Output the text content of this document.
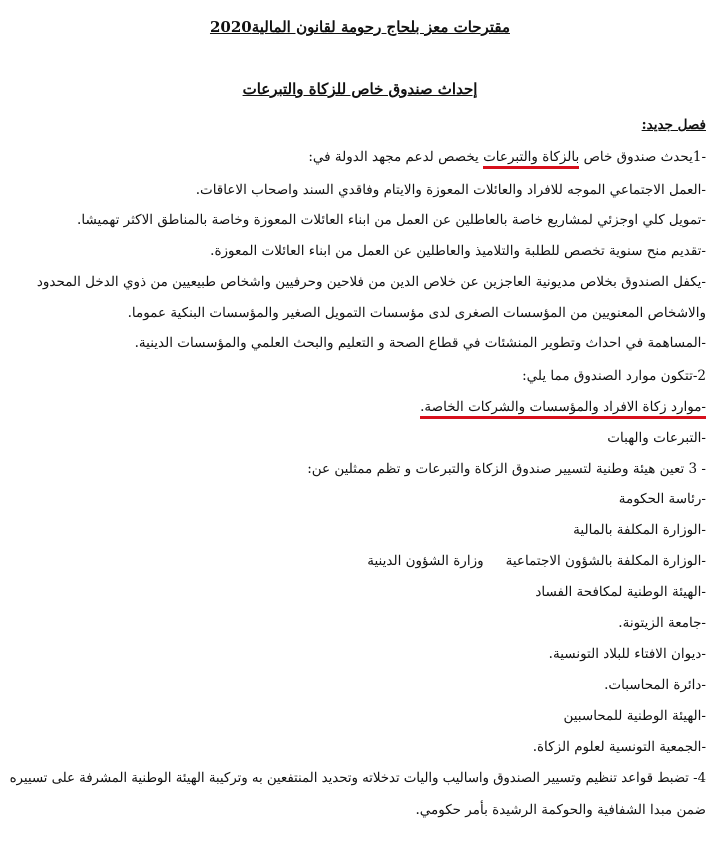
مقترحات معز بلحاج رحومة لقانون المالية2020
إحداث صندوق خاص للزكاة والتبرعات
فصل جديد:
-1يحدث صندوق خاص بالزكاة والتبرعات يخصص لدعم مجهد الدولة في:
-العمل الاجتماعي الموجه للافراد والعائلات المعوزة والايتام وفاقدي السند واصحاب الاعاقات.
-تمويل كلي اوجزئي لمشاريع خاصة بالعاطلين عن العمل من ابناء العائلات المعوزة وخاصة بالمناطق الاكثر تهميشا.
-تقديم منح سنوية تخصص للطلبة والتلاميذ والعاطلين عن العمل من ابناء العائلات المعوزة.
-يكفل الصندوق بخلاص مديونية العاجزين عن خلاص الدين من فلاحين وحرفيين واشخاص طبيعيين من ذوي الدخل المحدود
والاشخاص المعنويين من المؤسسات الصغرى لدى مؤسسات التمويل الصغير والمؤسسات البنكية عموما.
-المساهمة في احداث وتطوير المنشئات في قطاع الصحة و التعليم والبحث العلمي والمؤسسات الدينية.
2-تتكون موارد الصندوق مما يلي:
-موارد زكاة الافراد والمؤسسات والشركات الخاصة.
-التبرعات والهبات
- 3 تعين هيئة وطنية لتسيير صندوق الزكاة والتبرعات و تظم ممثلين عن:
-رئاسة الحكومة
-الوزارة المكلفة بالمالية
-الوزارة المكلفة بالشؤون الاجتماعيةوزارة الشؤون الدينية
-الهيئة الوطنية لمكافحة الفساد
-جامعة الزيتونة.
-ديوان الافتاء للبلاد التونسية.
-دائرة المحاسبات.
-الهيئة الوطنية للمحاسبين
-الجمعية التونسية لعلوم الزكاة.
4- تضبط قواعد تنظيم وتسيير الصندوق واساليب واليات تدخلاته وتحديد المنتفعين به وتركيبة الهيئة الوطنية المشرفة على تسييره
ضمن مبدا الشفافية والحوكمة الرشيدة بأمر حكومي.
